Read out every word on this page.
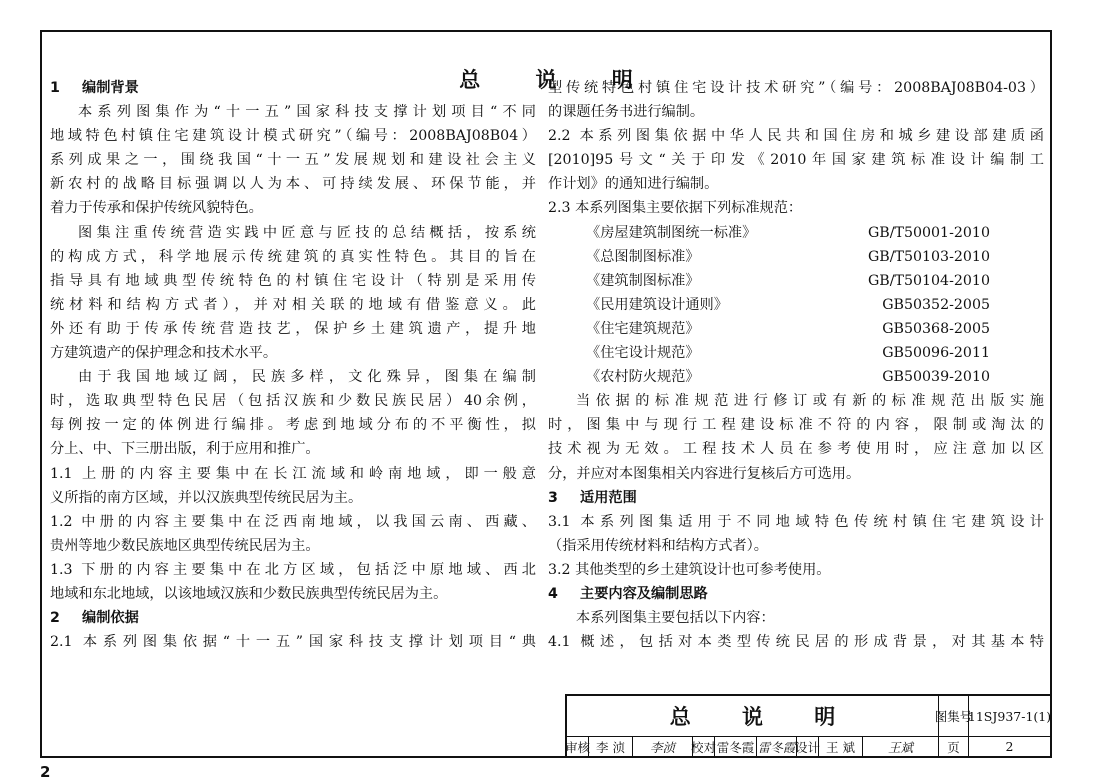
总 说 明
1 编制背景
本系列图集作为“十一五”国家科技支撑计划项目“不同
地域特色村镇住宅建筑设计模式研究”（编号：2008BAJ08B04）
系列成果之一，围绕我国“十一五”发展规划和建设社会主义
新农村的战略目标强调以人为本、可持续发展、环保节能，并
着力于传承和保护传统风貌特色。
图集注重传统营造实践中匠意与匠技的总结概括，按系统
的构成方式，科学地展示传统建筑的真实性特色。其目的旨在
指导具有地域典型传统特色的村镇住宅设计（特别是采用传
统材料和结构方式者），并对相关联的地域有借鉴意义。此
外还有助于传承传统营造技艺，保护乡土建筑遗产，提升地
方建筑遗产的保护理念和技术水平。
由于我国地域辽阔，民族多样，文化殊异，图集在编制
时，选取典型特色民居（包括汉族和少数民族民居）40余例，
每例按一定的体例进行编排。考虑到地域分布的不平衡性，拟
分上、中、下三册出版，利于应用和推广。
1.1 上册的内容主要集中在长江流域和岭南地域，即一般意
义所指的南方区域，并以汉族典型传统民居为主。
1.2 中册的内容主要集中在泛西南地域，以我国云南、西藏、
贵州等地少数民族地区典型传统民居为主。
1.3 下册的内容主要集中在北方区域，包括泛中原地域、西北
地域和东北地域，以该地域汉族和少数民族典型传统民居为主。
2 编制依据
2.1 本系列图集依据“十一五”国家科技支撑计划项目“典
型传统特色村镇住宅设计技术研究”（编号：2008BAJ08B04-03）
的课题任务书进行编制。
2.2 本系列图集依据中华人民共和国住房和城乡建设部建质函
[2010]95号文“关于印发《2010年国家建筑标准设计编制工
作计划》的通知进行编制。
2.3 本系列图集主要依据下列标准规范：
《房屋建筑制图统一标准》	GB/T50001-2010
《总图制图标准》	GB/T50103-2010
《建筑制图标准》	GB/T50104-2010
《民用建筑设计通则》	GB50352-2005
《住宅建筑规范》	GB50368-2005
《住宅设计规范》	GB50096-2011
《农村防火规范》	GB50039-2010
当依据的标准规范进行修订或有新的标准规范出版实施
时，图集中与现行工程建设标准不符的内容，限制或淘汰的
技术视为无效。工程技术人员在参考使用时，应注意加以区
分，并应对本图集相关内容进行复核后方可选用。
3 适用范围
3.1 本系列图集适用于不同地域特色传统村镇住宅建筑设计
（指采用传统材料和结构方式者）。
3.2 其他类型的乡土建筑设计也可参考使用。
4 主要内容及编制思路
本系列图集主要包括以下内容：
4.1 概述，包括对本类型传统民居的形成背景，对其基本特
总 说 明	图集号
11SJ937-1(1)
审核 李 浈	李浈	校对 雷冬霞 雷冬霞 设计 王 斌	王斌	页	2
2
